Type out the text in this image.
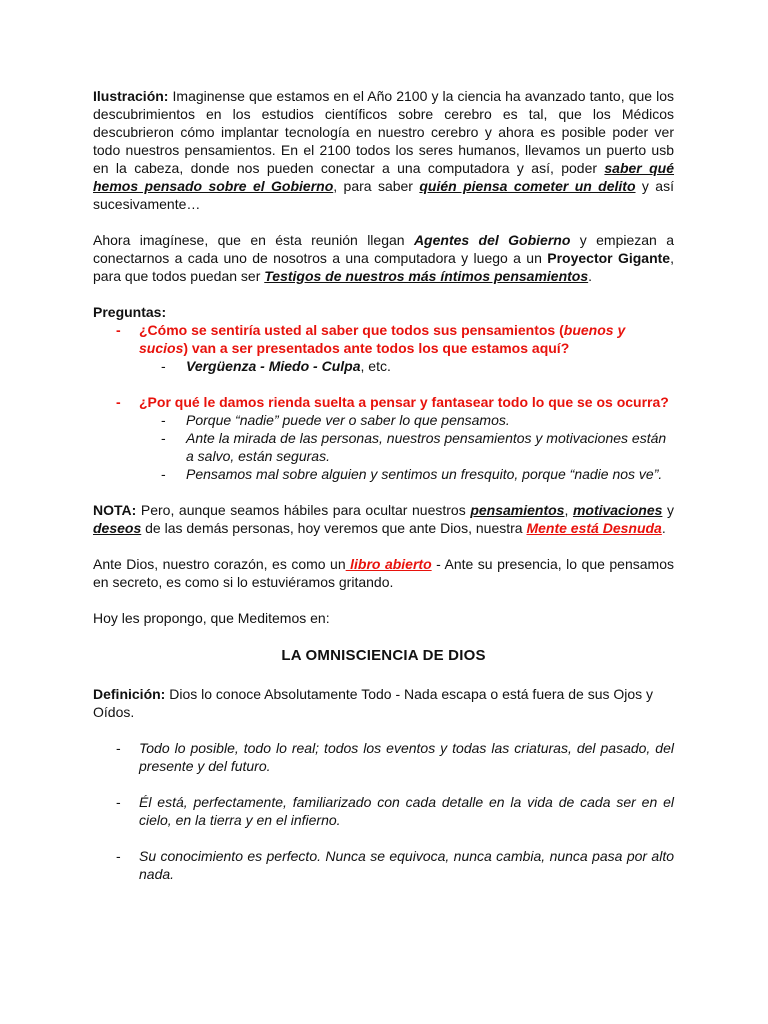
Ilustración: Imaginense que estamos en el Año 2100 y la ciencia ha avanzado tanto, que los descubrimientos en los estudios científicos sobre cerebro es tal, que los Médicos descubrieron cómo implantar tecnología en nuestro cerebro y ahora es posible poder ver todo nuestros pensamientos. En el 2100 todos los seres humanos, llevamos un puerto usb en la cabeza, donde nos pueden conectar a una computadora y así, poder saber qué hemos pensado sobre el Gobierno, para saber quién piensa cometer un delito y así sucesivamente…

Ahora imagínese, que en ésta reunión llegan Agentes del Gobierno y empiezan a conectarnos a cada uno de nosotros a una computadora y luego a un Proyector Gigante, para que todos puedan ser Testigos de nuestros más íntimos pensamientos.

Preguntas:

-	¿Cómo se sentiría usted al saber que todos sus pensamientos (buenos y sucios) van a ser presentados ante todos los que estamos aquí?
-	Vergüenza - Miedo - Culpa, etc.
-	¿Por qué le damos rienda suelta a pensar y fantasear todo lo que se os ocurra?
-	Porque “nadie” puede ver o saber lo que pensamos.
-	Ante la mirada de las personas, nuestros pensamientos y motivaciones están a salvo, están seguras.
-	Pensamos mal sobre alguien y sentimos un fresquito, porque “nadie nos ve”.

NOTA: Pero, aunque seamos hábiles para ocultar nuestros pensamientos, motivaciones y deseos de las demás personas, hoy veremos que ante Dios, nuestra Mente está Desnuda.

Ante Dios, nuestro corazón, es como un libro abierto - Ante su presencia, lo que pensamos en secreto, es como si lo estuviéramos gritando.

Hoy les propongo, que Meditemos en:

LA OMNISCIENCIA DE DIOS

Definición: Dios lo conoce Absolutamente Todo - Nada escapa o está fuera de sus Ojos y Oídos.

-	Todo lo posible, todo lo real; todos los eventos y todas las criaturas, del pasado, del presente y del futuro.
-	Él está, perfectamente, familiarizado con cada detalle en la vida de cada ser en el cielo, en la tierra y en el infierno.
-	Su conocimiento es perfecto. Nunca se equivoca, nunca cambia, nunca pasa por alto nada.
